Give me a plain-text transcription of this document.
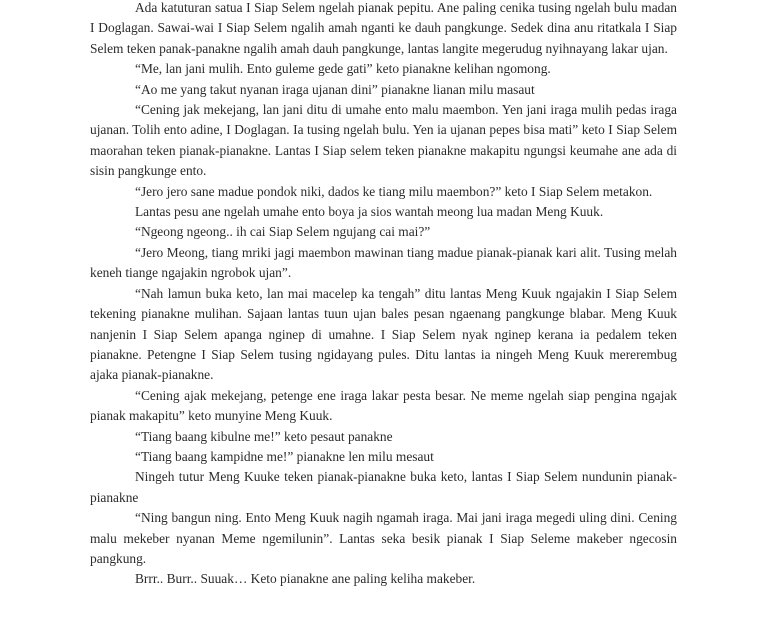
Ada katuturan satua I Siap Selem ngelah pianak pepitu. Ane paling cenika tusing ngelah bulu madan I Doglagan. Sawai-wai I Siap Selem ngalih amah nganti ke dauh pangkunge. Sedek dina anu ritatkala I Siap Selem teken panak-panakne ngalih amah dauh pangkunge, lantas langite megerudug nyihnayang lakar ujan.

“Me, lan jani mulih. Ento guleme gede gati” keto pianakne kelihan ngomong.

“Ao me yang takut nyanan iraga ujanan dini” pianakne lianan milu masaut

“Cening jak mekejang, lan jani ditu di umahe ento malu maembon. Yen jani iraga mulih pedas iraga ujanan. Tolih ento adine, I Doglagan. Ia tusing ngelah bulu. Yen ia ujanan pepes bisa mati” keto I Siap Selem maorahan teken pianak-pianakne. Lantas I Siap selem teken pianakne makapitu ngungsi keumahe ane ada di sisin pangkunge ento.

“Jero jero sane madue pondok niki, dados ke tiang milu maembon?” keto I Siap Selem metakon.

Lantas pesu ane ngelah umahe ento boya ja sios wantah meong lua madan Meng Kuuk.

“Ngeong ngeong.. ih cai Siap Selem ngujang cai mai?”

“Jero Meong, tiang mriki jagi maembon mawinan tiang madue pianak-pianak kari alit. Tusing melah keneh tiange ngajakin ngrobok ujan”.

“Nah lamun buka keto, lan mai macelep ka tengah” ditu lantas Meng Kuuk ngajakin I Siap Selem tekening pianakne mulihan. Sajaan lantas tuun ujan bales pesan ngaenang pangkunge blabar. Meng Kuuk nanjenin I Siap Selem apanga nginep di umahne. I Siap Selem nyak nginep kerana ia pedalem teken pianakne. Petengne I Siap Selem tusing ngidayang pules. Ditu lantas ia ningeh Meng Kuuk mererembug ajaka pianak-pianakne.

“Cening ajak mekejang, petenge ene iraga lakar pesta besar. Ne meme ngelah siap pengina ngajak pianak makapitu” keto munyine Meng Kuuk.

“Tiang baang kibulne me!” keto pesaut panakne

“Tiang baang kampidne me!” pianakne len milu mesaut

Ningeh tutur Meng Kuuke teken pianak-pianakne buka keto, lantas I Siap Selem nundunin pianak-pianakne

“Ning bangun ning. Ento Meng Kuuk nagih ngamah iraga. Mai jani iraga megedi uling dini. Cening malu mekeber nyanan Meme ngemilunin”. Lantas seka besik pianak I Siap Seleme makeber ngecosin pangkung.

Brrr.. Burr.. Suuak… Keto pianakne ane paling keliha makeber.
